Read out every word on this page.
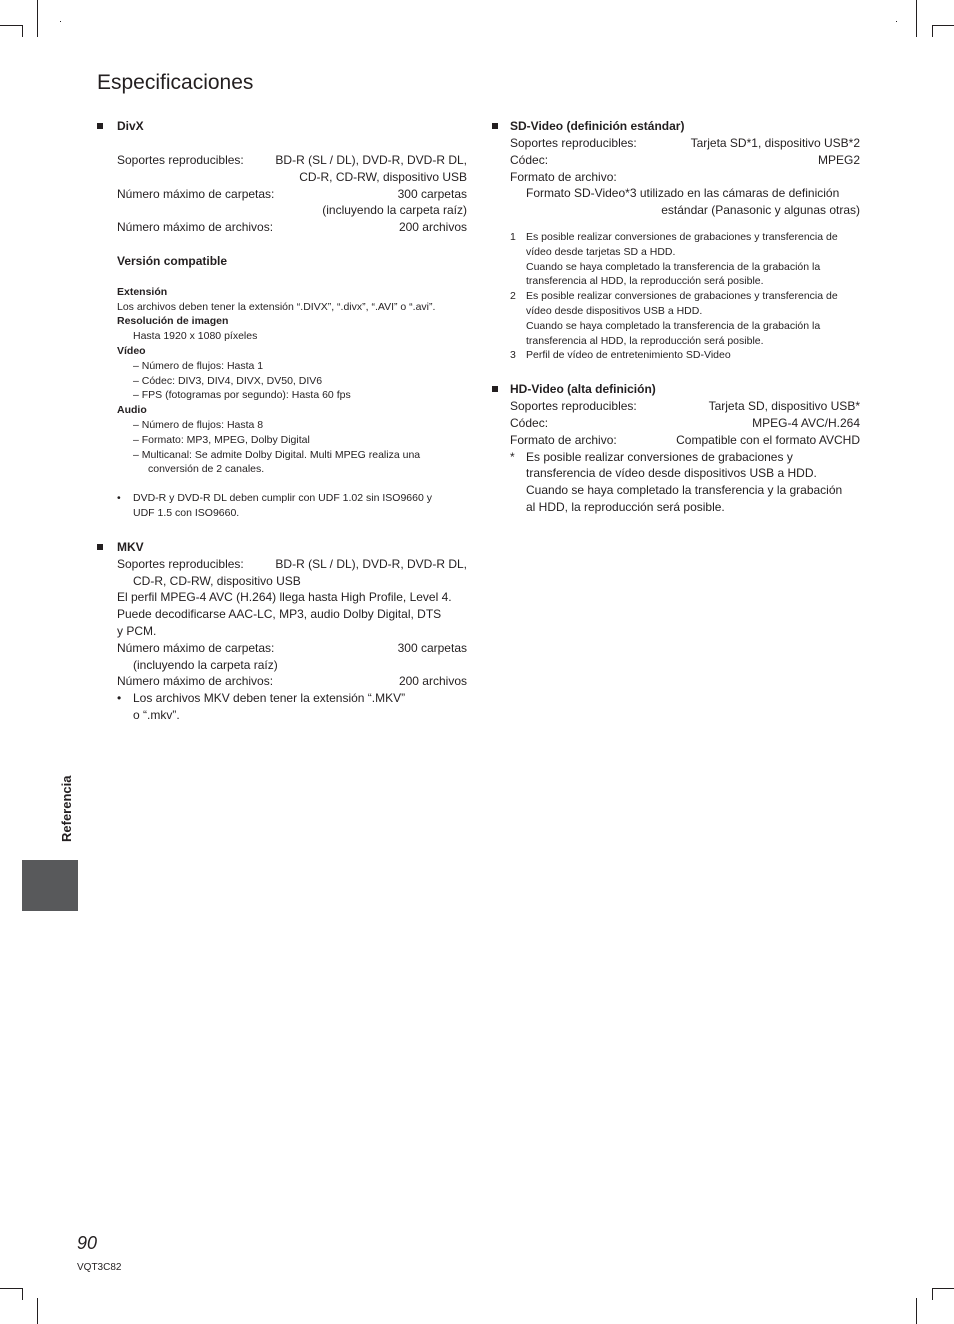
Especificaciones
DivX
Soportes reproducibles:	BD-R (SL / DL), DVD-R, DVD-R DL,
CD-R, CD-RW, dispositivo USB
Número máximo de carpetas:	300 carpetas
(incluyendo la carpeta raíz)
Número máximo de archivos:	200 archivos
Versión compatible
Extensión
Los archivos deben tener la extensión “.DIVX”, “.divx”, “.AVI” o “.avi”.
Resolución de imagen
Hasta 1920 x 1080 píxeles
Vídeo
– Número de flujos: Hasta 1
– Códec: DIV3, DIV4, DIVX, DV50, DIV6
– FPS (fotogramas por segundo): Hasta 60 fps
Audio
– Número de flujos: Hasta 8
– Formato: MP3, MPEG, Dolby Digital
– Multicanal: Se admite Dolby Digital. Multi MPEG realiza una
conversión de 2 canales.
• DVD-R y DVD-R DL deben cumplir con UDF 1.02 sin ISO9660 y
UDF 1.5 con ISO9660.
MKV
Soportes reproducibles:	BD-R (SL / DL), DVD-R, DVD-R DL,
CD-R, CD-RW, dispositivo USB
El perfil MPEG-4 AVC (H.264) llega hasta High Profile, Level 4.
Puede decodificarse AAC-LC, MP3, audio Dolby Digital, DTS
y PCM.
Número máximo de carpetas:	300 carpetas
(incluyendo la carpeta raíz)
Número máximo de archivos:	200 archivos
• Los archivos MKV deben tener la extensión “.MKV”
o “.mkv”.
SD-Video (definición estándar)
Soportes reproducibles:	Tarjeta SD*1, dispositivo USB*2
Códec:	MPEG2
Formato de archivo:
Formato SD-Video*3 utilizado en las cámaras de definición
estándar (Panasonic y algunas otras)
1 Es posible realizar conversiones de grabaciones y transferencia de
vídeo desde tarjetas SD a HDD.
Cuando se haya completado la transferencia de la grabación la
transferencia al HDD, la reproducción será posible.
2 Es posible realizar conversiones de grabaciones y transferencia de
vídeo desde dispositivos USB a HDD.
Cuando se haya completado la transferencia de la grabación la
transferencia al HDD, la reproducción será posible.
3 Perfil de vídeo de entretenimiento SD-Video
HD-Video (alta definición)
Soportes reproducibles:	Tarjeta SD, dispositivo USB*
Códec:	MPEG-4 AVC/H.264
Formato de archivo:	Compatible con el formato AVCHD
* Es posible realizar conversiones de grabaciones y
transferencia de vídeo desde dispositivos USB a HDD.
Cuando se haya completado la transferencia y la grabación
al HDD, la reproducción será posible.
Referencia
90
VQT3C82
